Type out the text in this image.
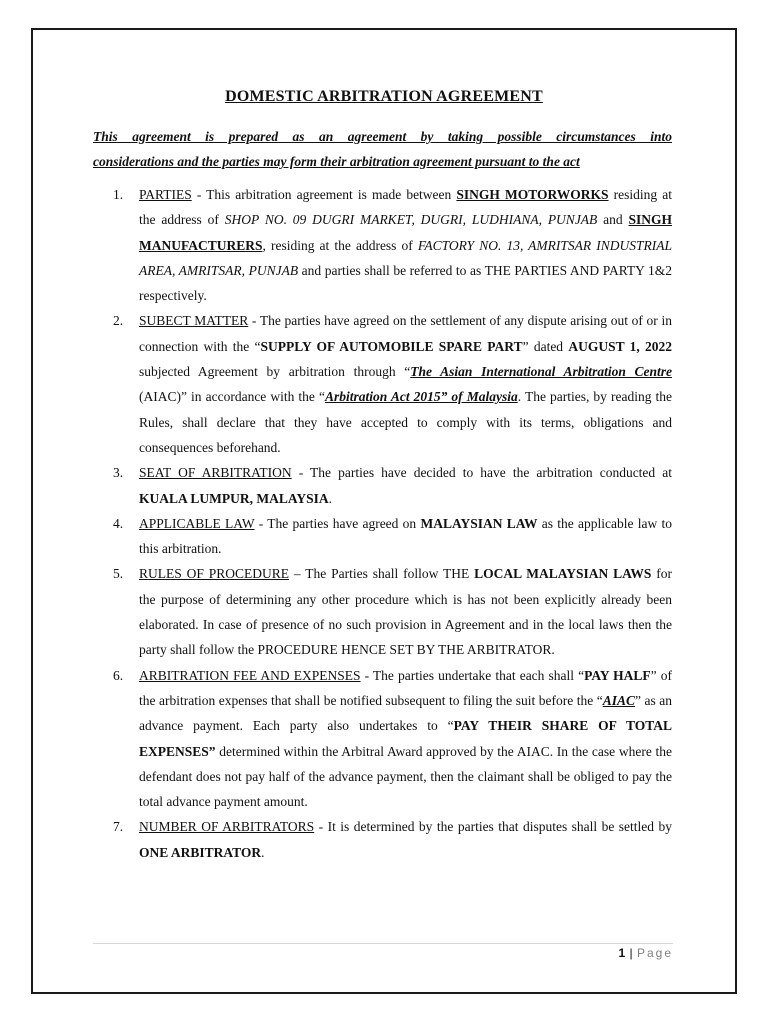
DOMESTIC ARBITRATION AGREEMENT
This agreement is prepared as an agreement by taking possible circumstances into
considerations and the parties may form their arbitration agreement pursuant to the act
1. PARTIES - This arbitration agreement is made between SINGH MOTORWORKS residing at the address of SHOP NO. 09 DUGRI MARKET, DUGRI, LUDHIANA, PUNJAB and SINGH MANUFACTURERS, residing at the address of FACTORY NO. 13, AMRITSAR INDUSTRIAL AREA, AMRITSAR, PUNJAB and parties shall be referred to as THE PARTIES AND PARTY 1&2 respectively.
2. SUBECT MATTER - The parties have agreed on the settlement of any dispute arising out of or in connection with the “SUPPLY OF AUTOMOBILE SPARE PART” dated AUGUST 1, 2022 subjected Agreement by arbitration through “The Asian International Arbitration Centre (AIAC)” in accordance with the “Arbitration Act 2015” of Malaysia. The parties, by reading the Rules, shall declare that they have accepted to comply with its terms, obligations and consequences beforehand.
3. SEAT OF ARBITRATION - The parties have decided to have the arbitration conducted at KUALA LUMPUR, MALAYSIA.
4. APPLICABLE LAW - The parties have agreed on MALAYSIAN LAW as the applicable law to this arbitration.
5. RULES OF PROCEDURE – The Parties shall follow THE LOCAL MALAYSIAN LAWS for the purpose of determining any other procedure which is has not been explicitly already been elaborated. In case of presence of no such provision in Agreement and in the local laws then the party shall follow the PROCEDURE HENCE SET BY THE ARBITRATOR.
6. ARBITRATION FEE AND EXPENSES - The parties undertake that each shall “PAY HALF” of the arbitration expenses that shall be notified subsequent to filing the suit before the “AIAC” as an advance payment. Each party also undertakes to “PAY THEIR SHARE OF TOTAL EXPENSES” determined within the Arbitral Award approved by the AIAC. In the case where the defendant does not pay half of the advance payment, then the claimant shall be obliged to pay the total advance payment amount.
7. NUMBER OF ARBITRATORS - It is determined by the parties that disputes shall be settled by ONE ARBITRATOR.
1 | Page
